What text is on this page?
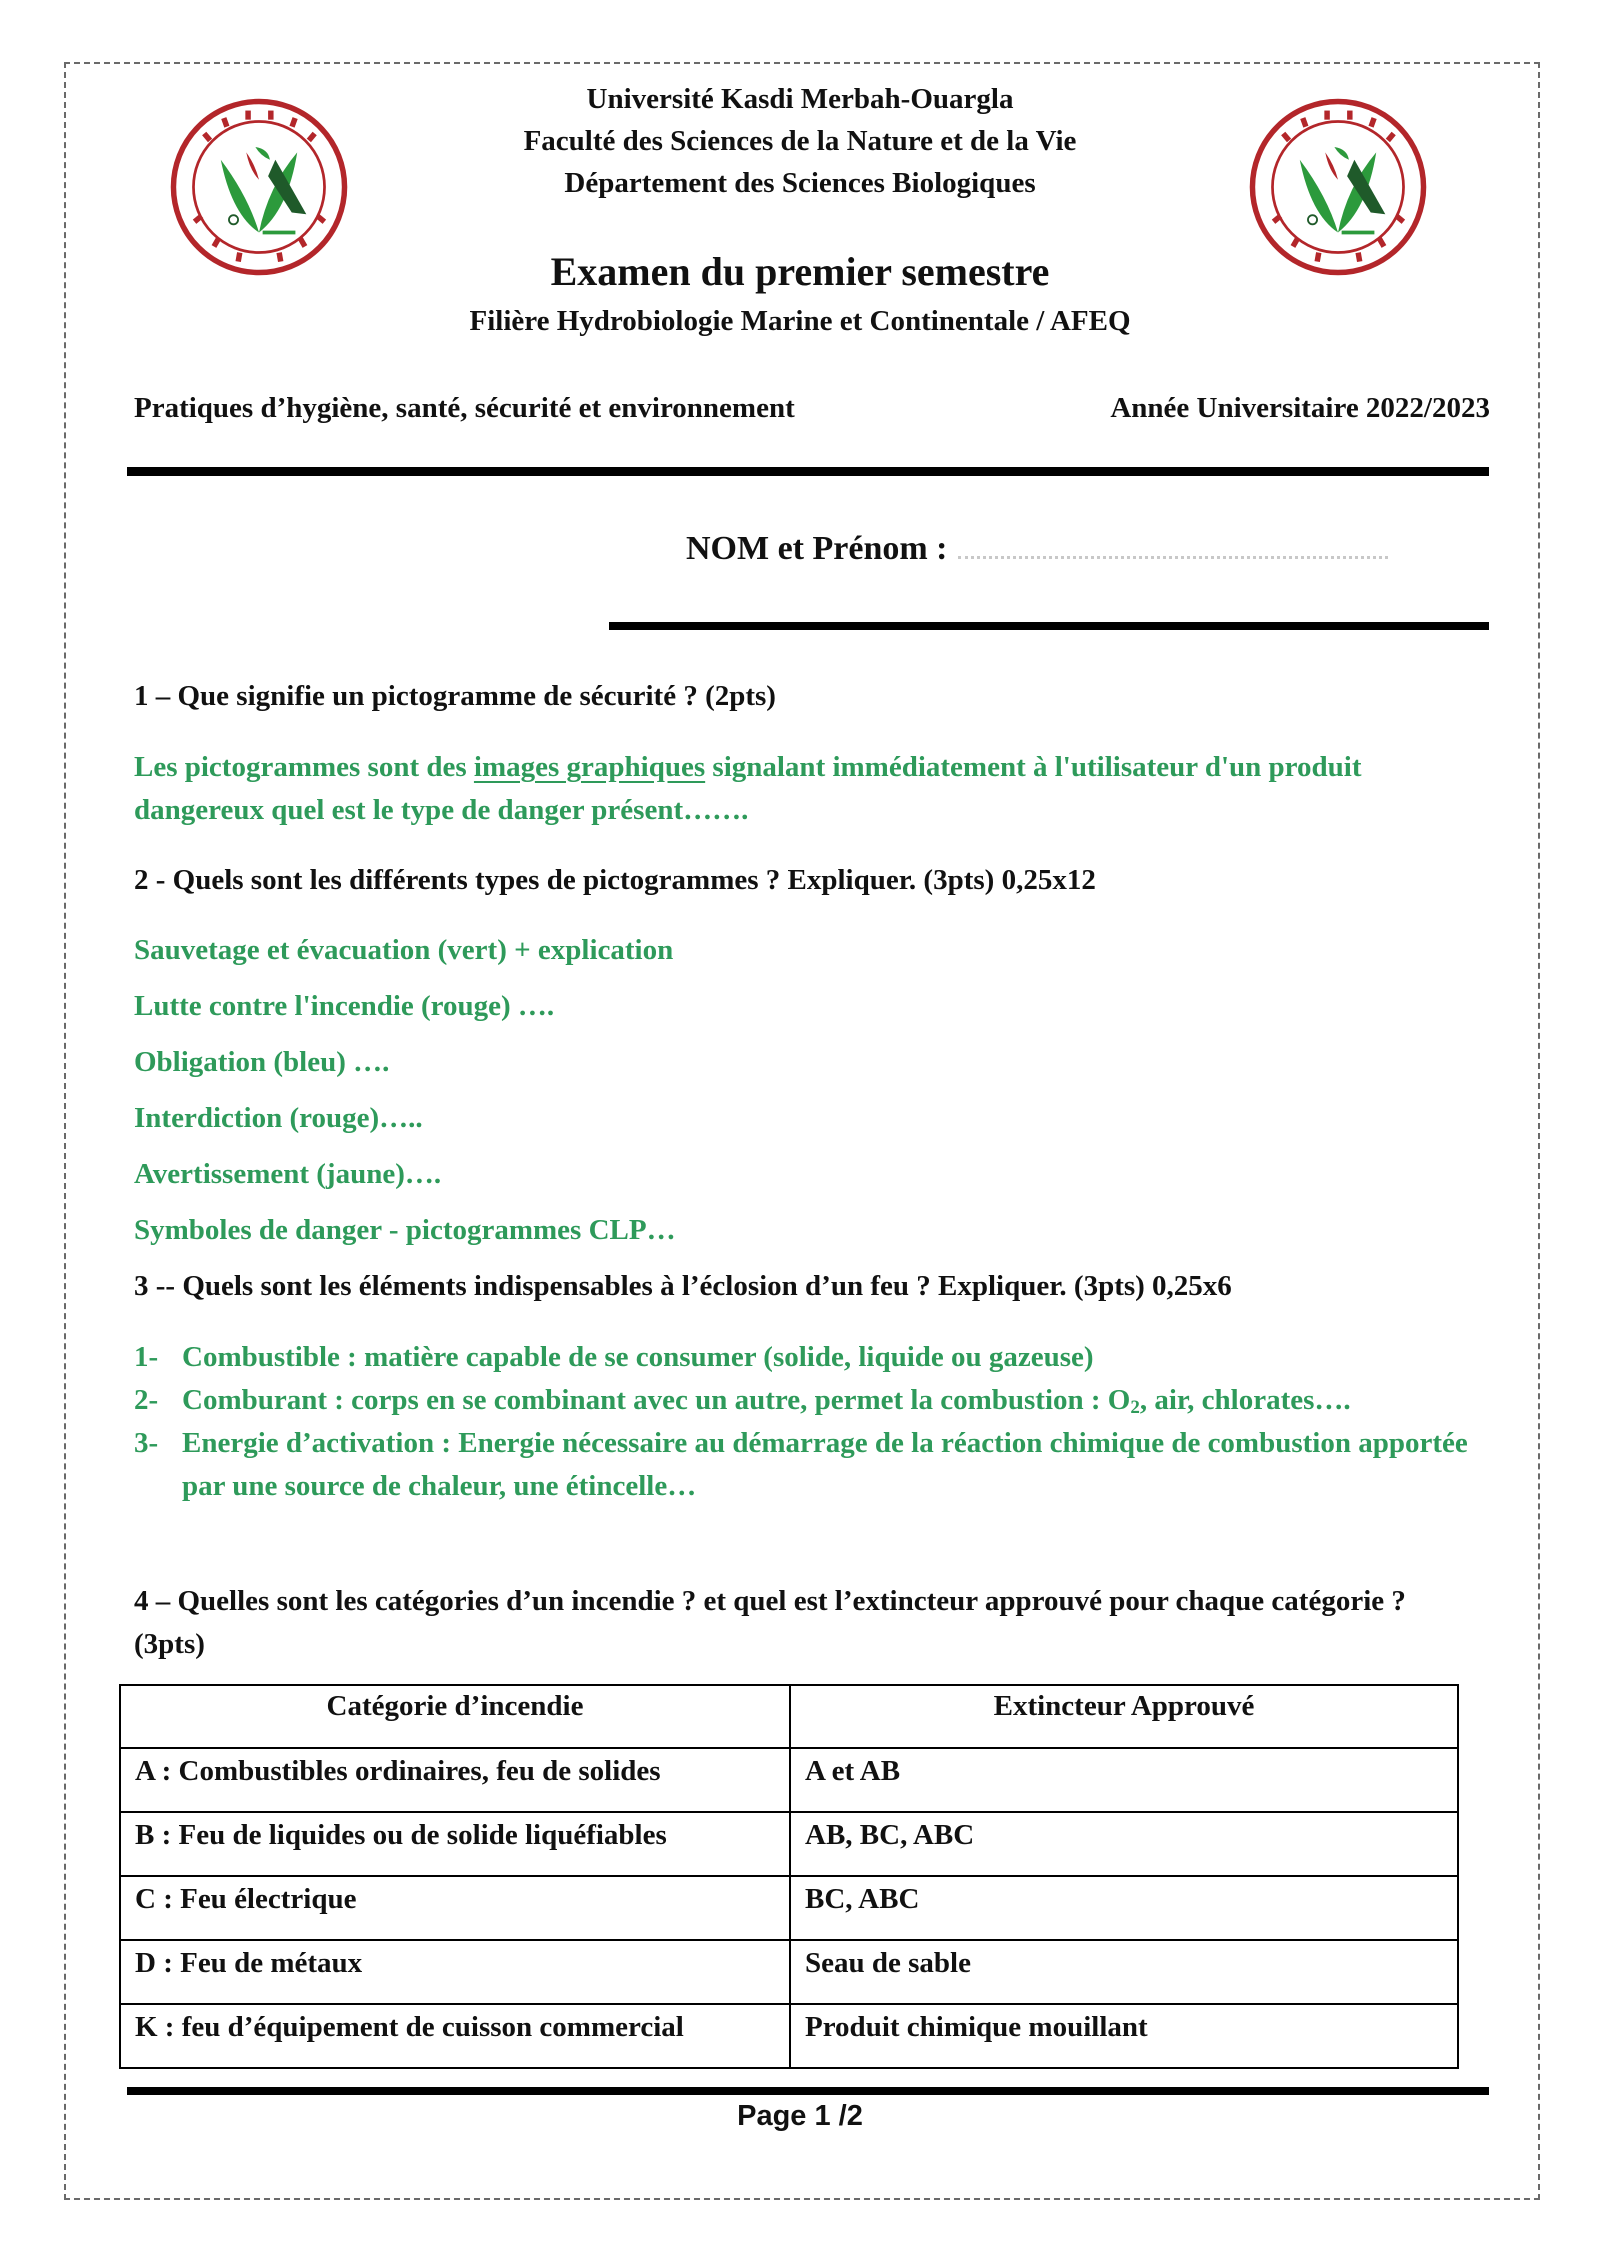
Université Kasdi Merbah-Ouargla
Faculté des Sciences de la Nature et de la Vie
Département des Sciences Biologiques
Examen du premier semestre
Filière Hydrobiologie Marine et Continentale / AFEQ
Pratiques d’hygiène, santé, sécurité et environnement	Année Universitaire 2022/2023
NOM et Prénom :
1 – Que signifie un pictogramme de sécurité ? (2pts)
Les pictogrammes sont des images graphiques signalant immédiatement à l'utilisateur d'un produit dangereux quel est le type de danger présent…….
2 - Quels sont les différents types de pictogrammes ? Expliquer. (3pts) 0,25x12
Sauvetage et évacuation (vert) + explication
Lutte contre l'incendie (rouge) ….
Obligation (bleu) ….
Interdiction (rouge)…..
Avertissement (jaune)….
Symboles de danger - pictogrammes CLP…
3 -- Quels sont les éléments indispensables à l’éclosion d’un feu ? Expliquer. (3pts) 0,25x6
1- Combustible : matière capable de se consumer (solide, liquide ou gazeuse)
2- Comburant : corps en se combinant avec un autre, permet la combustion : $O_2$, air, chlorates….
3- Energie d’activation : Energie nécessaire au démarrage de la réaction chimique de combustion apportée par une source de chaleur, une étincelle…
4 – Quelles sont les catégories d’un incendie ? et quel est l’extincteur approuvé pour chaque catégorie ? (3pts)
Catégorie d’incendie	Extincteur Approuvé
A : Combustibles ordinaires, feu de solides	A et AB
B : Feu de liquides ou de solide liquéfiables	AB, BC, ABC
C : Feu électrique	BC, ABC
D : Feu de métaux	Seau de sable
K : feu d’équipement de cuisson commercial	Produit chimique mouillant
Page 1 /2
